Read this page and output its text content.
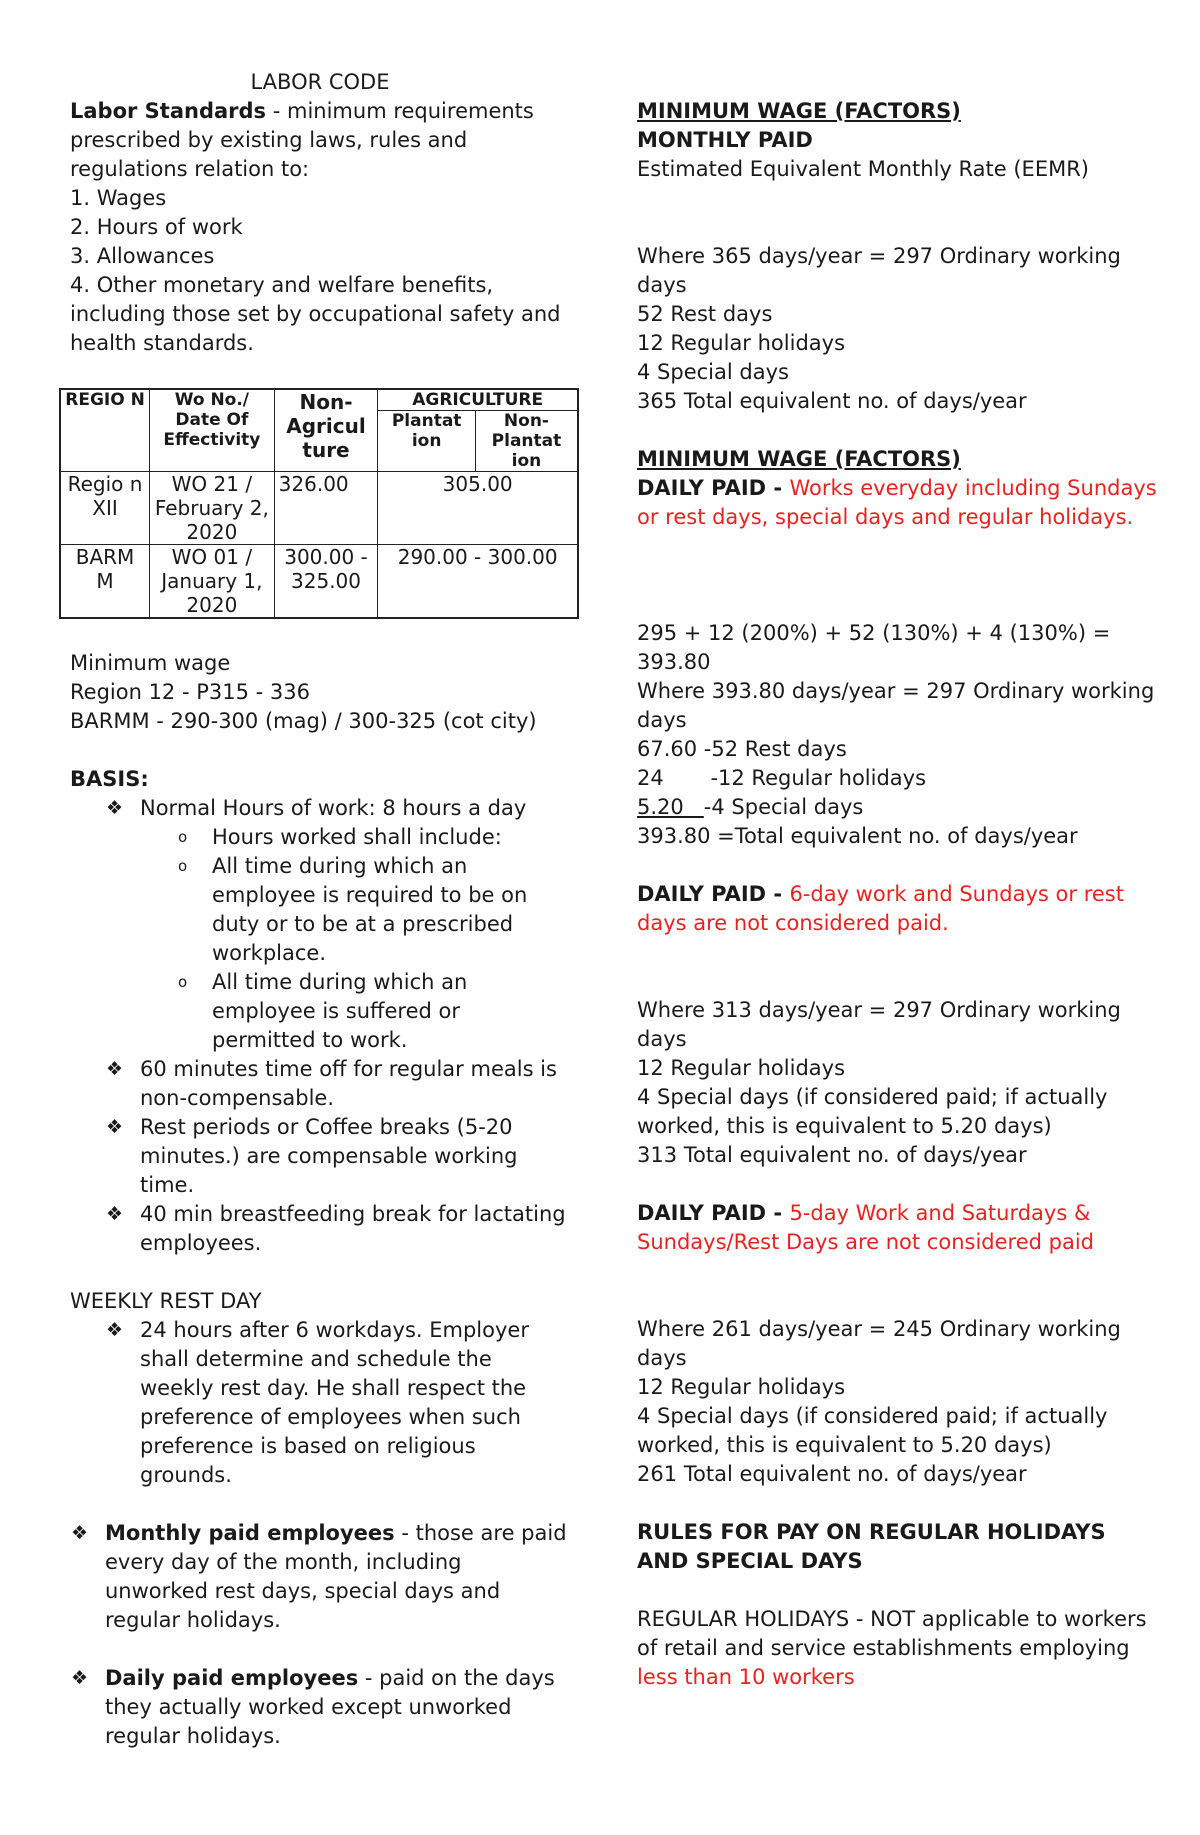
LABOR CODE

Labor Standards - minimum requirements prescribed by existing laws, rules and regulations relation to:

1. Wages

2. Hours of work

3. Allowances

4. Other monetary and welfare benefits, including those set by occupational safety and health standards.

REGIO N	Wo No./ Date Of Effectivity	Non-Agricul ture	AGRICULTURE	
			Plantat ion	Non-Plantat ion
Regio n XII	WO 21 / February 2, 2020	326.00	305.00	
BARM M	WO 01 / January 1, 2020	300.00 - 325.00	290.00 - 300.00	

Minimum wage

Region 12 - P315 - 336

BARMM - 290-300 (mag) / 300-325 (cot city)

BASIS:

❖ Normal Hours of work: 8 hours a day
o Hours worked shall include:
o All time during which an employee is required to be on duty or to be at a prescribed workplace.
o All time during which an employee is suffered or permitted to work.
❖ 60 minutes time off for regular meals is non-compensable.
❖ Rest periods or Coffee breaks (5-20 minutes.) are compensable working time.
❖ 40 min breastfeeding break for lactating employees.

WEEKLY REST DAY

❖ 24 hours after 6 workdays. Employer shall determine and schedule the weekly rest day. He shall respect the preference of employees when such preference is based on religious grounds.
❖ Monthly paid employees - those are paid every day of the month, including unworked rest days, special days and regular holidays.
❖ Daily paid employees - paid on the days they actually worked except unworked regular holidays.

MINIMUM WAGE (FACTORS)

MONTHLY PAID

Estimated Equivalent Monthly Rate (EEMR)

Where 365 days/year = 297 Ordinary working days

52 Rest days

12 Regular holidays

4 Special days

365 Total equivalent no. of days/year

MINIMUM WAGE (FACTORS)

DAILY PAID - Works everyday including Sundays or rest days, special days and regular holidays.

295 + 12 (200%) + 52 (130%) + 4 (130%) = 393.80

Where 393.80 days/year = 297 Ordinary working days

67.60 -52 Rest days

24       -12 Regular holidays

5.20   -4 Special days

393.80 =Total equivalent no. of days/year

DAILY PAID - 6-day work and Sundays or rest days are not considered paid.

Where 313 days/year = 297 Ordinary working days

12 Regular holidays

4 Special days (if considered paid; if actually worked, this is equivalent to 5.20 days)

313 Total equivalent no. of days/year

DAILY PAID - 5-day Work and Saturdays & Sundays/Rest Days are not considered paid

Where 261 days/year = 245 Ordinary working days

12 Regular holidays

4 Special days (if considered paid; if actually worked, this is equivalent to 5.20 days)

261 Total equivalent no. of days/year

RULES FOR PAY ON REGULAR HOLIDAYS AND SPECIAL DAYS

REGULAR HOLIDAYS - NOT applicable to workers of retail and service establishments employing less than 10 workers
